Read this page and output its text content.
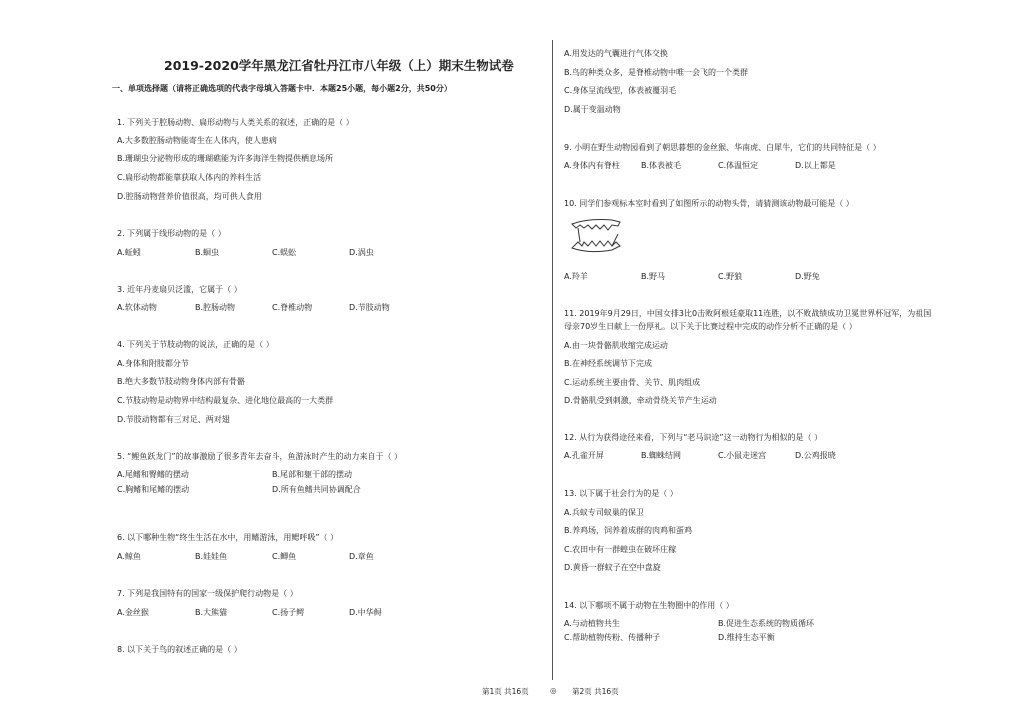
2019-2020学年黑龙江省牡丹江市八年级（上）期末生物试卷
一、单项选择题（请将正确选项的代表字母填入答题卡中．本题25小题，每小题2分，共50分）
1. 下列关于腔肠动物、扁形动物与人类关系的叙述，正确的是（ ）
A.大多数腔肠动物能寄生在人体内，使人患病
B.珊瑚虫分泌物形成的珊瑚礁能为许多海洋生物提供栖息场所
C.扁形动物都能靠获取人体内的养料生活
D.腔肠动物营养价值很高，均可供人食用
2. 下列属于线形动物的是（ ）
A.蚯蚓	B.蛔虫	C.蜈蚣	D.涡虫
3. 近年丹麦扇贝泛滥，它属于（ ）
A.软体动物	B.腔肠动物	C.脊椎动物	D.节肢动物
4. 下列关于节肢动物的说法，正确的是（ ）
A.身体和附肢都分节
B.绝大多数节肢动物身体内部有骨骼
C.节肢动物是动物界中结构最复杂、进化地位最高的一大类群
D.节肢动物都有三对足、两对翅
5. “鲤鱼跃龙门”的故事激励了很多青年去奋斗，鱼游泳时产生的动力来自于（ ）
A.尾鳍和臀鳍的摆动	B.尾部和躯干部的摆动
C.胸鳍和尾鳍的摆动	D.所有鱼鳍共同协调配合
6. 以下哪种生物“终生生活在水中，用鳍游泳，用鳃呼吸”（ ）
A.鲸鱼	B.娃娃鱼	C.鲫鱼	D.章鱼
7. 下列是我国特有的国家一级保护爬行动物是（ ）
A.金丝猴	B.大熊猫	C.扬子鳄	D.中华鲟
8. 以下关于鸟的叙述正确的是（ ）
第1页 共16页	◎
A.用发达的气囊进行气体交换
B.鸟的种类众多，是脊椎动物中唯一会飞的一个类群
C.身体呈流线型，体表被覆羽毛
D.属于变温动物
9. 小明在野生动物园看到了朝思暮想的金丝猴、华南虎、白犀牛，它们的共同特征是（ ）
A.身体内有脊柱	B.体表被毛	C.体温恒定	D.以上都是
10. 同学们参观标本室时看到了如图所示的动物头骨，请猜测该动物最可能是（ ）
A.羚羊	B.野马	C.野狼	D.野兔
11. 2019年9月29日，中国女排3比0击败阿根廷豪取11连胜，以不败战绩成功卫冕世界杯冠军，为祖国
母亲70岁生日献上一份厚礼。以下关于比赛过程中完成的动作分析不正确的是（ ）
A.由一块骨骼肌收缩完成运动
B.在神经系统调节下完成
C.运动系统主要由骨、关节、肌肉组成
D.骨骼肌受到刺激，牵动骨绕关节产生运动
12. 从行为获得途径来看，下列与“老马识途”这一动物行为相似的是（ ）
A.孔雀开屏	B.蜘蛛结网	C.小鼠走迷宫	D.公鸡报晓
13. 以下属于社会行为的是（ ）
A.兵蚁专司蚁巢的保卫
B.养鸡场，饲养着成群的肉鸡和蛋鸡
C.农田中有一群蝗虫在破坏庄稼
D.黄昏一群蚊子在空中盘旋
14. 以下哪项不属于动物在生物圈中的作用（ ）
A.与动植物共生	B.促进生态系统的物质循环
C.帮助植物传粉、传播种子	D.维持生态平衡
第2页 共16页
